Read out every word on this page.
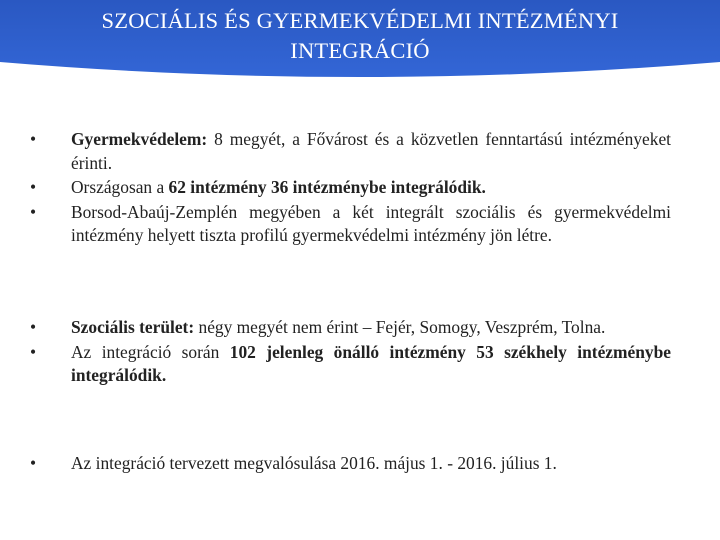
SZOCIÁLIS ÉS GYERMEKVÉDELMI INTÉZMÉNYI
INTEGRÁCIÓ
• Gyermekvédelem: 8 megyét, a Fővárost és a közvetlen fenntartású intézményeket érinti.
• Országosan a 62 intézmény 36 intézménybe integrálódik.
• Borsod-Abaúj-Zemplén megyében a két integrált szociális és gyermekvédelmi intézmény helyett tiszta profilú gyermekvédelmi intézmény jön létre.
• Szociális terület: négy megyét nem érint – Fejér, Somogy, Veszprém, Tolna.
• Az integráció során 102 jelenleg önálló intézmény 53 székhely intézménybe integrálódik.
• Az integráció tervezett megvalósulása 2016. május 1. - 2016. július 1.
